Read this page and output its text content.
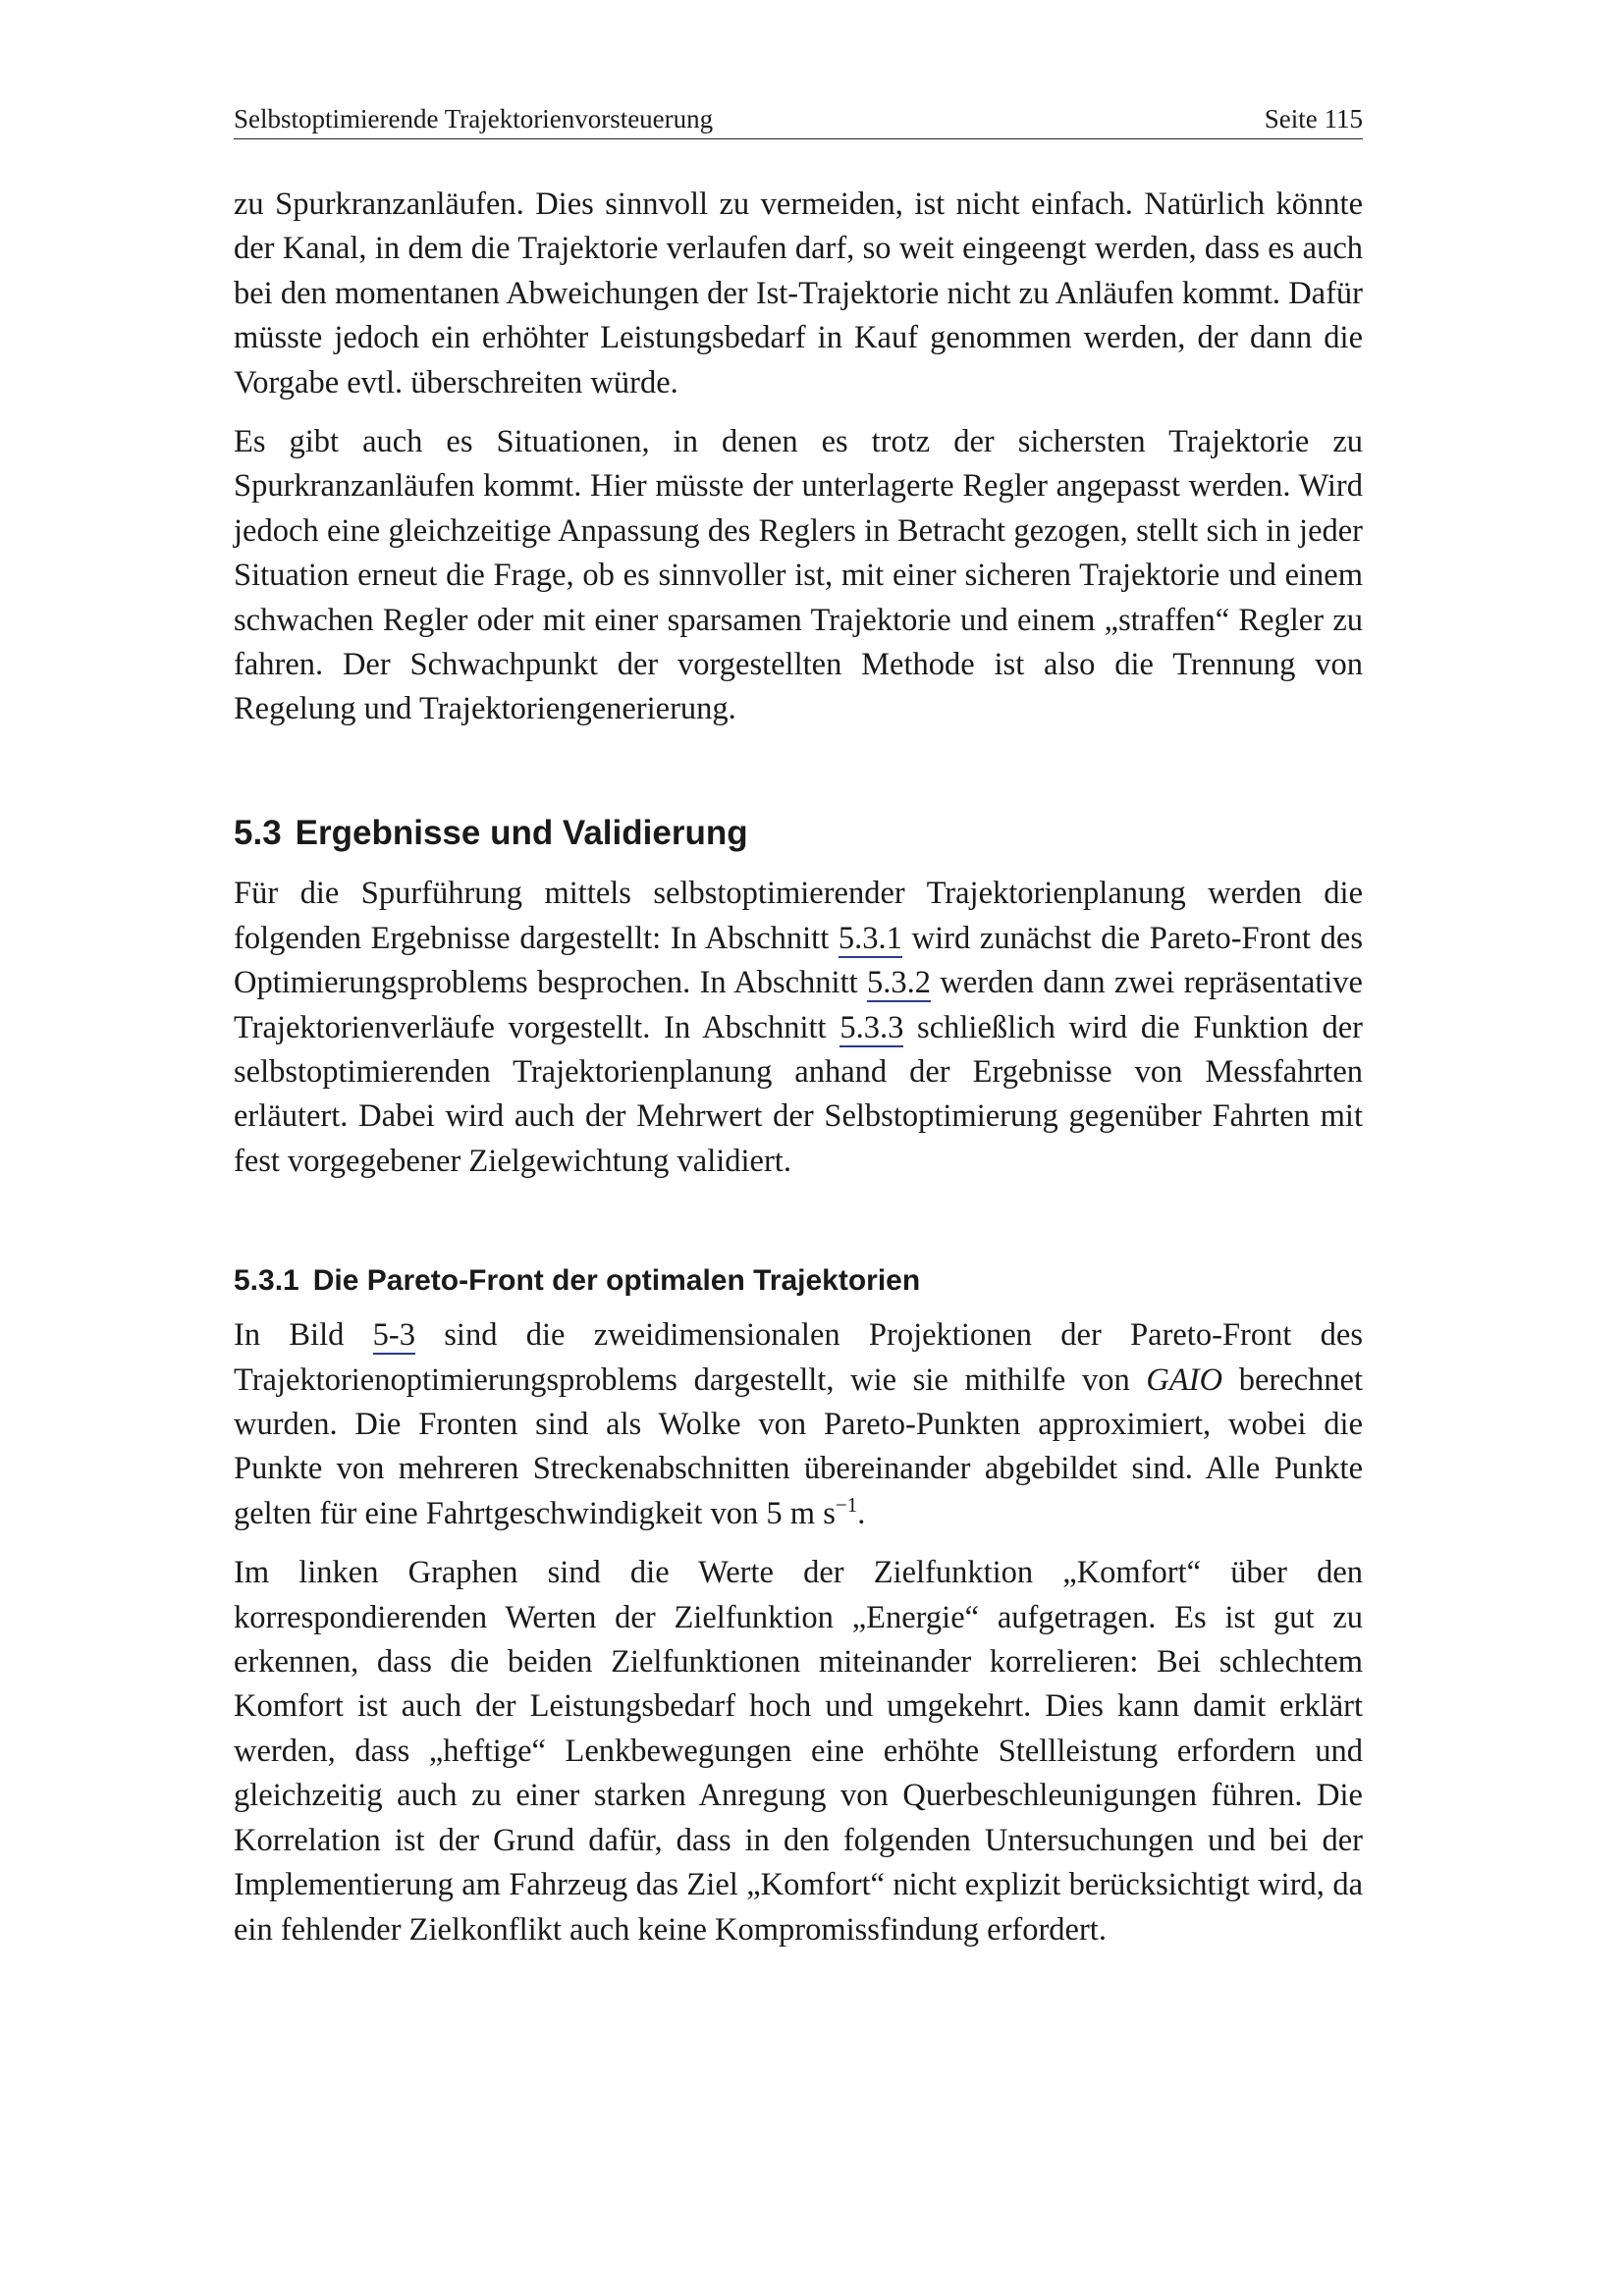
Selbstoptimierende Trajektorienvorsteuerung	Seite 115

zu Spurkranzanläufen. Dies sinnvoll zu vermeiden, ist nicht einfach. Natürlich könnte der Kanal, in dem die Trajektorie verlaufen darf, so weit eingeengt werden, dass es auch bei den momentanen Abweichungen der Ist-Trajektorie nicht zu Anläufen kommt. Dafür müsste jedoch ein erhöhter Leistungsbedarf in Kauf genommen werden, der dann die Vorgabe evtl. überschreiten würde.

Es gibt auch es Situationen, in denen es trotz der sichersten Trajektorie zu Spurkranzanläufen kommt. Hier müsste der unterlagerte Regler angepasst werden. Wird jedoch eine gleichzeitige Anpassung des Reglers in Betracht gezogen, stellt sich in jeder Situation erneut die Frage, ob es sinnvoller ist, mit einer sicheren Trajektorie und einem schwachen Regler oder mit einer sparsamen Trajektorie und einem „straffen“ Regler zu fahren. Der Schwachpunkt der vorgestellten Methode ist also die Trennung von Regelung und Trajektoriengenerierung.

5.3 Ergebnisse und Validierung

Für die Spurführung mittels selbstoptimierender Trajektorienplanung werden die folgenden Ergebnisse dargestellt: In Abschnitt 5.3.1 wird zunächst die Pareto-Front des Optimierungsproblems besprochen. In Abschnitt 5.3.2 werden dann zwei repräsentative Trajektorienverläufe vorgestellt. In Abschnitt 5.3.3 schließlich wird die Funktion der selbstoptimierenden Trajektorienplanung anhand der Ergebnisse von Messfahrten erläutert. Dabei wird auch der Mehrwert der Selbstoptimierung gegenüber Fahrten mit fest vorgegebener Zielgewichtung validiert.

5.3.1 Die Pareto-Front der optimalen Trajektorien

In Bild 5-3 sind die zweidimensionalen Projektionen der Pareto-Front des Trajektorienoptimierungsproblems dargestellt, wie sie mithilfe von GAIO berechnet wurden. Die Fronten sind als Wolke von Pareto-Punkten approximiert, wobei die Punkte von mehreren Streckenabschnitten übereinander abgebildet sind. Alle Punkte gelten für eine Fahrtgeschwindigkeit von 5 m $s^{-1}$.

Im linken Graphen sind die Werte der Zielfunktion „Komfort“ über den korrespondierenden Werten der Zielfunktion „Energie“ aufgetragen. Es ist gut zu erkennen, dass die beiden Zielfunktionen miteinander korrelieren: Bei schlechtem Komfort ist auch der Leistungsbedarf hoch und umgekehrt. Dies kann damit erklärt werden, dass „heftige“ Lenkbewegungen eine erhöhte Stellleistung erfordern und gleichzeitig auch zu einer starken Anregung von Querbeschleunigungen führen. Die Korrelation ist der Grund dafür, dass in den folgenden Untersuchungen und bei der Implementierung am Fahrzeug das Ziel „Komfort“ nicht explizit berücksichtigt wird, da ein fehlender Zielkonflikt auch keine Kompromissfindung erfordert.
